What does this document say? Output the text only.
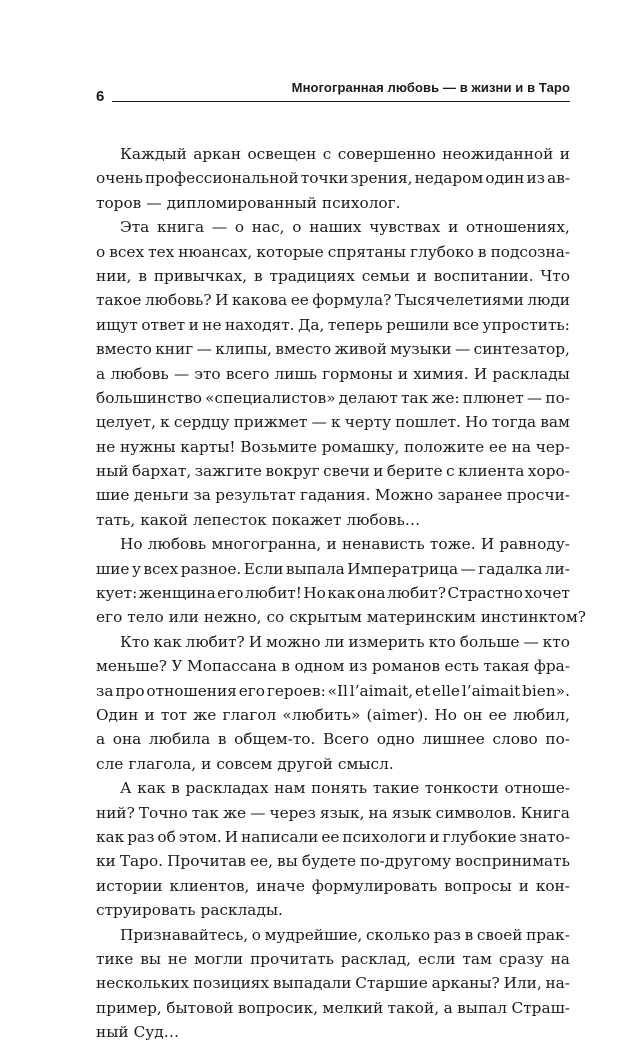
6
Многогранная любовь — в жизни и в Таро
Каждый аркан освещен с совершенно неожиданной и
очень профессиональной точки зрения, недаром один из ав-
торов — дипломированный психолог.
Эта книга — о нас, о наших чувствах и отношениях,
о всех тех нюансах, которые спрятаны глубоко в подсозна-
нии, в привычках, в традициях семьи и воспитании. Что
такое любовь? И какова ее формула? Тысячелетиями люди
ищут ответ и не находят. Да, теперь решили все упростить:
вместо книг — клипы, вместо живой музыки — синтезатор,
а любовь — это всего лишь гормоны и химия. И расклады
большинство «специалистов» делают так же: плюнет — по-
целует, к сердцу прижмет — к черту пошлет. Но тогда вам
не нужны карты! Возьмите ромашку, положите ее на чер-
ный бархат, зажгите вокруг свечи и берите с клиента хоро-
шие деньги за результат гадания. Можно заранее просчи-
тать, какой лепесток покажет любовь…
Но любовь многогранна, и ненависть тоже. И равноду-
шие у всех разное. Если выпала Императрица — гадалка ли-
кует: женщина его любит! Но как она любит? Страстно хочет
его тело или нежно, со скрытым материнским инстинктом?
Кто как любит? И можно ли измерить кто больше — кто
меньше? У Мопассана в одном из романов есть такая фра-
за про отношения его героев: «Il l’aimait, et elle l’aimait bien».
Один и тот же глагол «любить» (aimer). Но он ее любил,
а она любила в общем-то. Всего одно лишнее слово по-
сле глагола, и совсем другой смысл.
А как в раскладах нам понять такие тонкости отноше-
ний? Точно так же — через язык, на язык символов. Книга
как раз об этом. И написали ее психологи и глубокие знато-
ки Таро. Прочитав ее, вы будете по-другому воспринимать
истории клиентов, иначе формулировать вопросы и кон-
струировать расклады.
Признавайтесь, о мудрейшие, сколько раз в своей прак-
тике вы не могли прочитать расклад, если там сразу на
нескольких позициях выпадали Старшие арканы? Или, на-
пример, бытовой вопросик, мелкий такой, а выпал Страш-
ный Суд…
